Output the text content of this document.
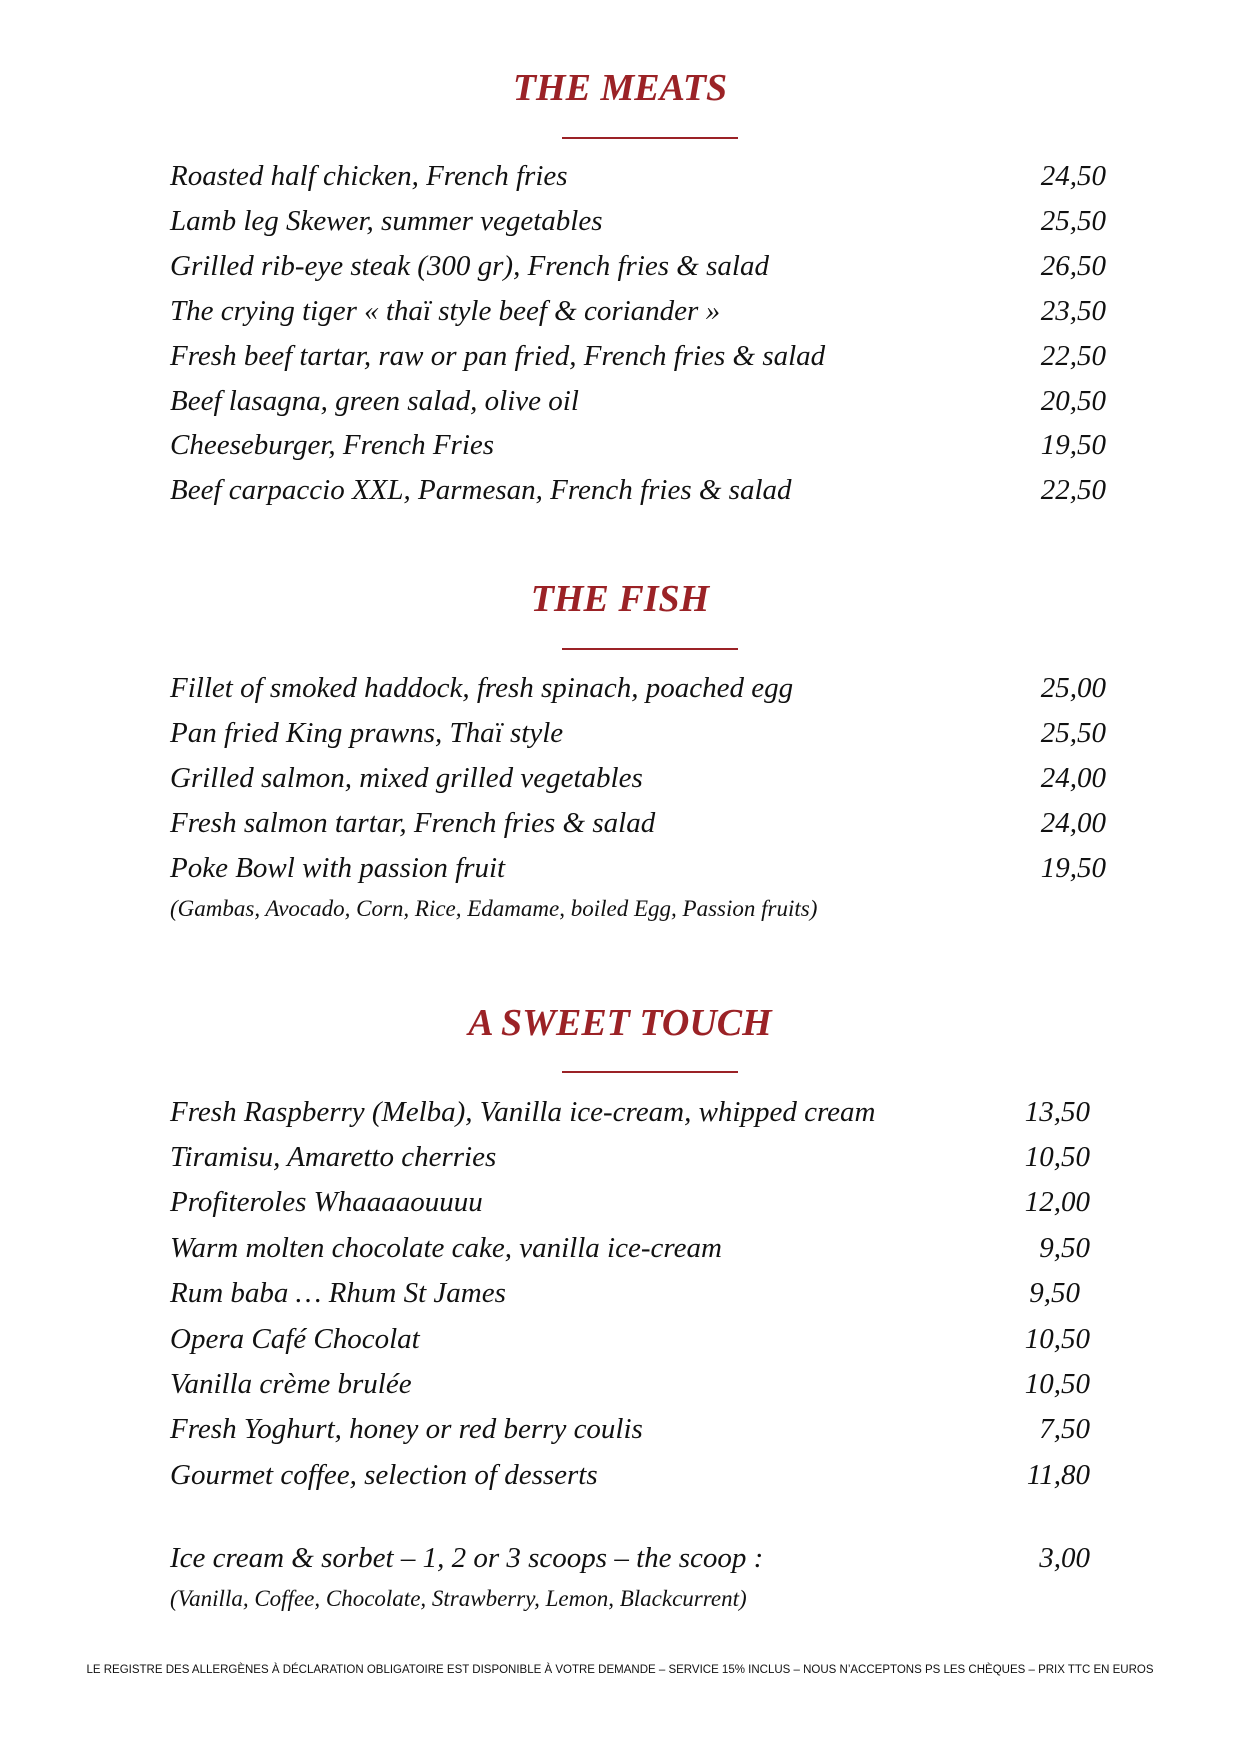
THE MEATS
Roasted half chicken, French fries	24,50
Lamb leg Skewer, summer vegetables	25,50
Grilled rib-eye steak (300 gr), French fries & salad	26,50
The crying tiger « thaï style beef & coriander »	23,50
Fresh beef tartar, raw or pan fried, French fries & salad	22,50
Beef lasagna, green salad, olive oil	20,50
Cheeseburger, French Fries	19,50
Beef carpaccio XXL, Parmesan, French fries & salad	22,50
THE FISH
Fillet of smoked haddock, fresh spinach, poached egg	25,00
Pan fried King prawns, Thaï style	25,50
Grilled salmon, mixed grilled vegetables	24,00
Fresh salmon tartar, French fries & salad	24,00
Poke Bowl with passion fruit	19,50
(Gambas, Avocado, Corn, Rice, Edamame, boiled Egg, Passion fruits)
A SWEET TOUCH
Fresh Raspberry (Melba), Vanilla ice-cream, whipped cream	13,50
Tiramisu, Amaretto cherries	10,50
Profiteroles Whaaaaouuuu	12,00
Warm molten chocolate cake, vanilla ice-cream	9,50
Rum baba … Rhum St James	9,50
Opera Café Chocolat	10,50
Vanilla crème brulée	10,50
Fresh Yoghurt, honey or red berry coulis	7,50
Gourmet coffee, selection of desserts	11,80
Ice cream & sorbet – 1, 2 or 3 scoops – the scoop :	3,00
(Vanilla, Coffee, Chocolate, Strawberry, Lemon, Blackcurrent)
LE REGISTRE DES ALLERGÈNES À DÉCLARATION OBLIGATOIRE EST DISPONIBLE À VOTRE DEMANDE – SERVICE 15% INCLUS – NOUS N’ACCEPTONS PS LES CHÈQUES – PRIX TTC EN EUROS
